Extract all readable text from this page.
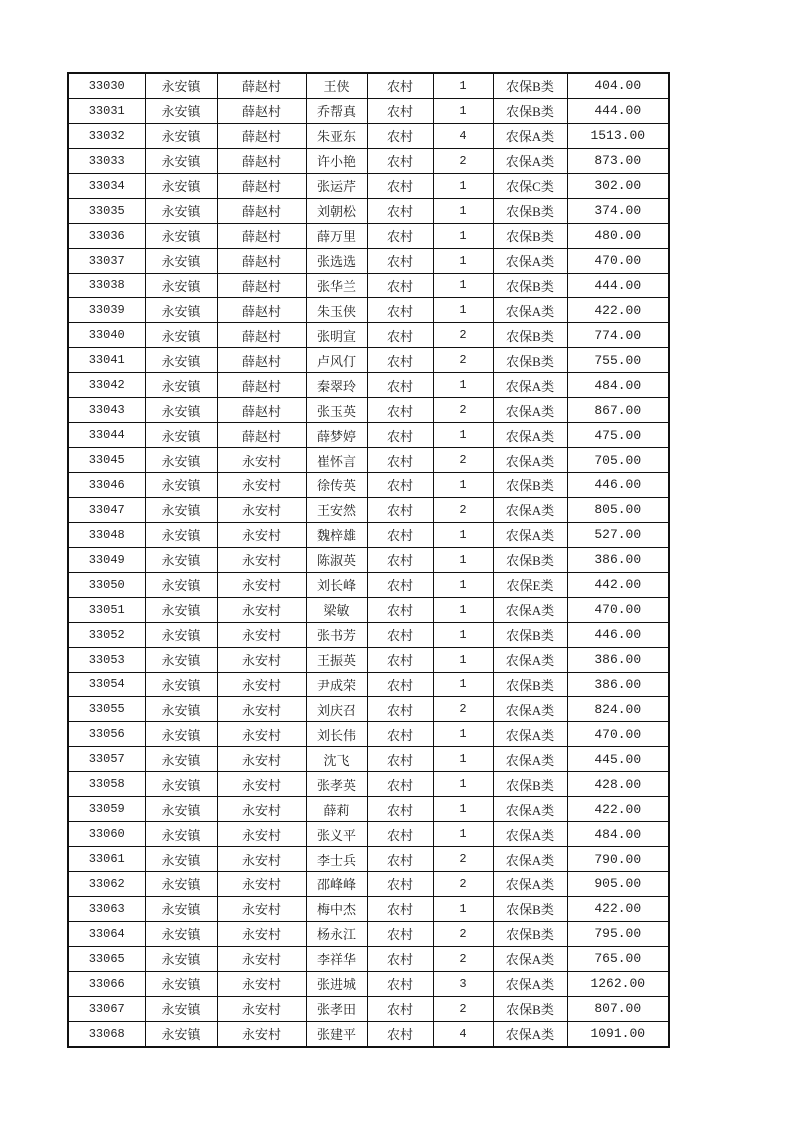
33030	永安镇	薛赵村	王侠	农村	1	农保B类	404.00
33031	永安镇	薛赵村	乔帮真	农村	1	农保B类	444.00
33032	永安镇	薛赵村	朱亚东	农村	4	农保A类	1513.00
33033	永安镇	薛赵村	许小艳	农村	2	农保A类	873.00
33034	永安镇	薛赵村	张运芹	农村	1	农保C类	302.00
33035	永安镇	薛赵村	刘朝松	农村	1	农保B类	374.00
33036	永安镇	薛赵村	薛万里	农村	1	农保B类	480.00
33037	永安镇	薛赵村	张选选	农村	1	农保A类	470.00
33038	永安镇	薛赵村	张华兰	农村	1	农保B类	444.00
33039	永安镇	薛赵村	朱玉侠	农村	1	农保A类	422.00
33040	永安镇	薛赵村	张明宣	农村	2	农保B类	774.00
33041	永安镇	薛赵村	卢风仃	农村	2	农保B类	755.00
33042	永安镇	薛赵村	秦翠玲	农村	1	农保A类	484.00
33043	永安镇	薛赵村	张玉英	农村	2	农保A类	867.00
33044	永安镇	薛赵村	薛梦婷	农村	1	农保A类	475.00
33045	永安镇	永安村	崔怀言	农村	2	农保A类	705.00
33046	永安镇	永安村	徐传英	农村	1	农保B类	446.00
33047	永安镇	永安村	王安然	农村	2	农保A类	805.00
33048	永安镇	永安村	魏梓雄	农村	1	农保A类	527.00
33049	永安镇	永安村	陈淑英	农村	1	农保B类	386.00
33050	永安镇	永安村	刘长峰	农村	1	农保E类	442.00
33051	永安镇	永安村	梁敏	农村	1	农保A类	470.00
33052	永安镇	永安村	张书芳	农村	1	农保B类	446.00
33053	永安镇	永安村	王振英	农村	1	农保A类	386.00
33054	永安镇	永安村	尹成荣	农村	1	农保B类	386.00
33055	永安镇	永安村	刘庆召	农村	2	农保A类	824.00
33056	永安镇	永安村	刘长伟	农村	1	农保A类	470.00
33057	永安镇	永安村	沈飞	农村	1	农保A类	445.00
33058	永安镇	永安村	张孝英	农村	1	农保B类	428.00
33059	永安镇	永安村	薛莉	农村	1	农保A类	422.00
33060	永安镇	永安村	张义平	农村	1	农保A类	484.00
33061	永安镇	永安村	李士兵	农村	2	农保A类	790.00
33062	永安镇	永安村	邵峰峰	农村	2	农保A类	905.00
33063	永安镇	永安村	梅中杰	农村	1	农保B类	422.00
33064	永安镇	永安村	杨永江	农村	2	农保B类	795.00
33065	永安镇	永安村	李祥华	农村	2	农保A类	765.00
33066	永安镇	永安村	张进城	农村	3	农保A类	1262.00
33067	永安镇	永安村	张孝田	农村	2	农保B类	807.00
33068	永安镇	永安村	张建平	农村	4	农保A类	1091.00
